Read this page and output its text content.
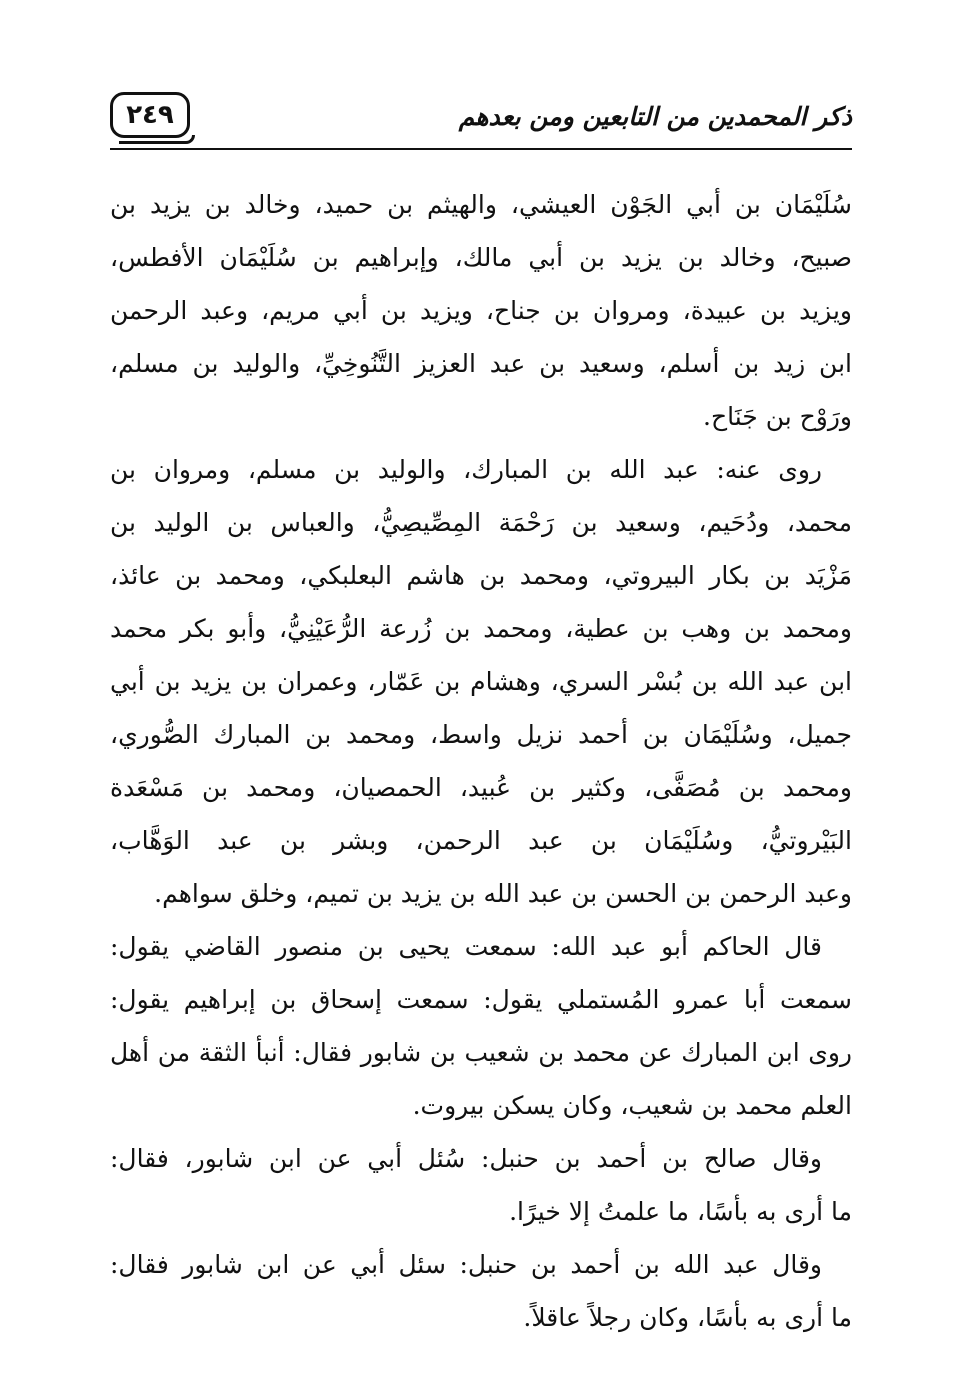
٢٤٩	ذكر المحمدين من التابعين ومن بعدهم
سُلَيْمَان بن أبي الجَوْن العيشي، والهيثم بن حميد، وخالد بن يزيد بن
صبيح، وخالد بن يزيد بن أبي مالك، وإبراهيم بن سُلَيْمَان الأفطس،
ويزيد بن عبيدة، ومروان بن جناح، ويزيد بن أبي مريم، وعبد الرحمن
ابن زيد بن أسلم، وسعيد بن عبد العزيز التَّنُوخِيِّ، والوليد بن مسلم،
ورَوْح بن جَنَاح.
روى عنه: عبد الله بن المبارك، والوليد بن مسلم، ومروان بن
محمد، ودُحَيم، وسعيد بن رَحْمَة المِصِّيصِيُّ، والعباس بن الوليد بن
مَزْيَد بن بكار البيروتي، ومحمد بن هاشم البعلبكي، ومحمد بن عائذ،
ومحمد بن وهب بن عطية، ومحمد بن زُرعة الرُّعَيْنِيُّ، وأبو بكر محمد
ابن عبد الله بن بُسْر السري، وهشام بن عَمّار، وعمران بن يزيد بن أبي
جميل، وسُلَيْمَان بن أحمد نزيل واسط، ومحمد بن المبارك الصُّوري،
ومحمد بن مُصَفَّى، وكثير بن عُبيد، الحمصيان، ومحمد بن مَسْعَدة
البَيْروتيُّ، وسُلَيْمَان بن عبد الرحمن، وبشر بن عبد الوَهَّاب،
وعبد الرحمن بن الحسن بن عبد الله بن يزيد بن تميم، وخلق سواهم.
قال الحاكم أبو عبد الله: سمعت يحيى بن منصور القاضي يقول:
سمعت أبا عمرو المُستملي يقول: سمعت إسحاق بن إبراهيم يقول:
روى ابن المبارك عن محمد بن شعيب بن شابور فقال: أنبأ الثقة من أهل
العلم محمد بن شعيب، وكان يسكن بيروت.
وقال صالح بن أحمد بن حنبل: سُئل أبي عن ابن شابور، فقال:
ما أرى به بأسًا، ما علمتُ إلا خيرًا.
وقال عبد الله بن أحمد بن حنبل: سئل أبي عن ابن شابور فقال:
ما أرى به بأسًا، وكان رجلاً عاقلاً.
